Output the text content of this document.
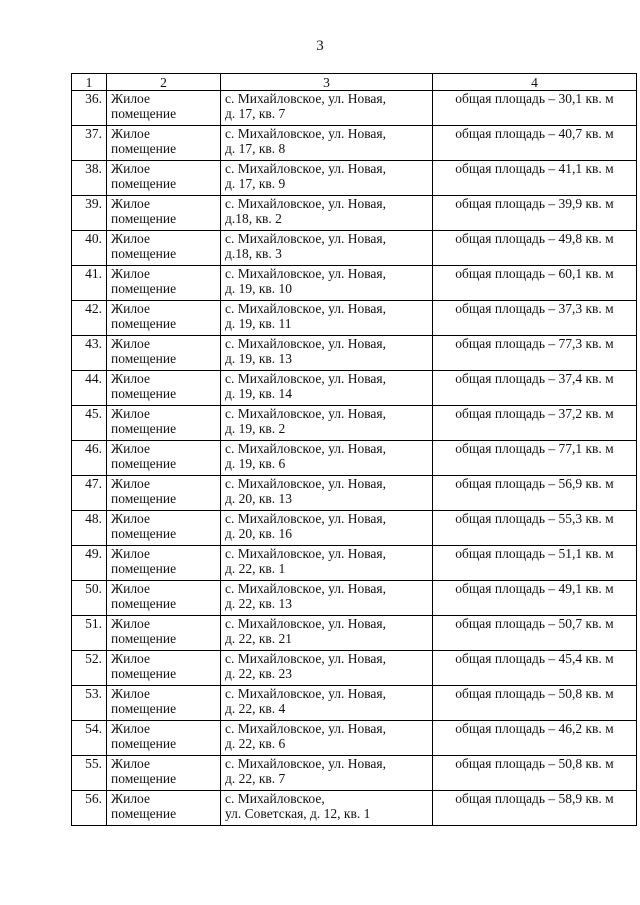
3
1	2	3	4
36.	Жилое помещение	с. Михайловское, ул. Новая,
д. 17, кв. 7	общая площадь – 30,1 кв. м
37.	Жилое помещение	с. Михайловское, ул. Новая,
д. 17, кв. 8	общая площадь – 40,7 кв. м
38.	Жилое помещение	с. Михайловское, ул. Новая,
д. 17, кв. 9	общая площадь – 41,1 кв. м
39.	Жилое помещение	с. Михайловское, ул. Новая,
д.18, кв. 2	общая площадь – 39,9 кв. м
40.	Жилое помещение	с. Михайловское, ул. Новая,
д.18, кв. 3	общая площадь – 49,8 кв. м
41.	Жилое помещение	с. Михайловское, ул. Новая,
д. 19, кв. 10	общая площадь – 60,1 кв. м
42.	Жилое помещение	с. Михайловское, ул. Новая,
д. 19, кв. 11	общая площадь – 37,3 кв. м
43.	Жилое помещение	с. Михайловское, ул. Новая,
д. 19, кв. 13	общая площадь – 77,3 кв. м
44.	Жилое помещение	с. Михайловское, ул. Новая,
д. 19, кв. 14	общая площадь – 37,4 кв. м
45.	Жилое помещение	с. Михайловское, ул. Новая,
д. 19, кв. 2	общая площадь – 37,2 кв. м
46.	Жилое помещение	с. Михайловское, ул. Новая,
д. 19, кв. 6	общая площадь – 77,1 кв. м
47.	Жилое помещение	с. Михайловское, ул. Новая,
д. 20, кв. 13	общая площадь – 56,9 кв. м
48.	Жилое помещение	с. Михайловское, ул. Новая,
д. 20, кв. 16	общая площадь – 55,3 кв. м
49.	Жилое помещение	с. Михайловское, ул. Новая,
д. 22, кв. 1	общая площадь – 51,1 кв. м
50.	Жилое помещение	с. Михайловское, ул. Новая,
д. 22, кв. 13	общая площадь – 49,1 кв. м
51.	Жилое помещение	с. Михайловское, ул. Новая,
д. 22, кв. 21	общая площадь – 50,7 кв. м
52.	Жилое помещение	с. Михайловское, ул. Новая,
д. 22, кв. 23	общая площадь – 45,4 кв. м
53.	Жилое помещение	с. Михайловское, ул. Новая,
д. 22, кв. 4	общая площадь – 50,8 кв. м
54.	Жилое помещение	с. Михайловское, ул. Новая,
д. 22, кв. 6	общая площадь – 46,2 кв. м
55.	Жилое помещение	с. Михайловское, ул. Новая,
д. 22, кв. 7	общая площадь – 50,8 кв. м
56.	Жилое помещение	с. Михайловское,
ул. Советская, д. 12, кв. 1	общая площадь – 58,9 кв. м
